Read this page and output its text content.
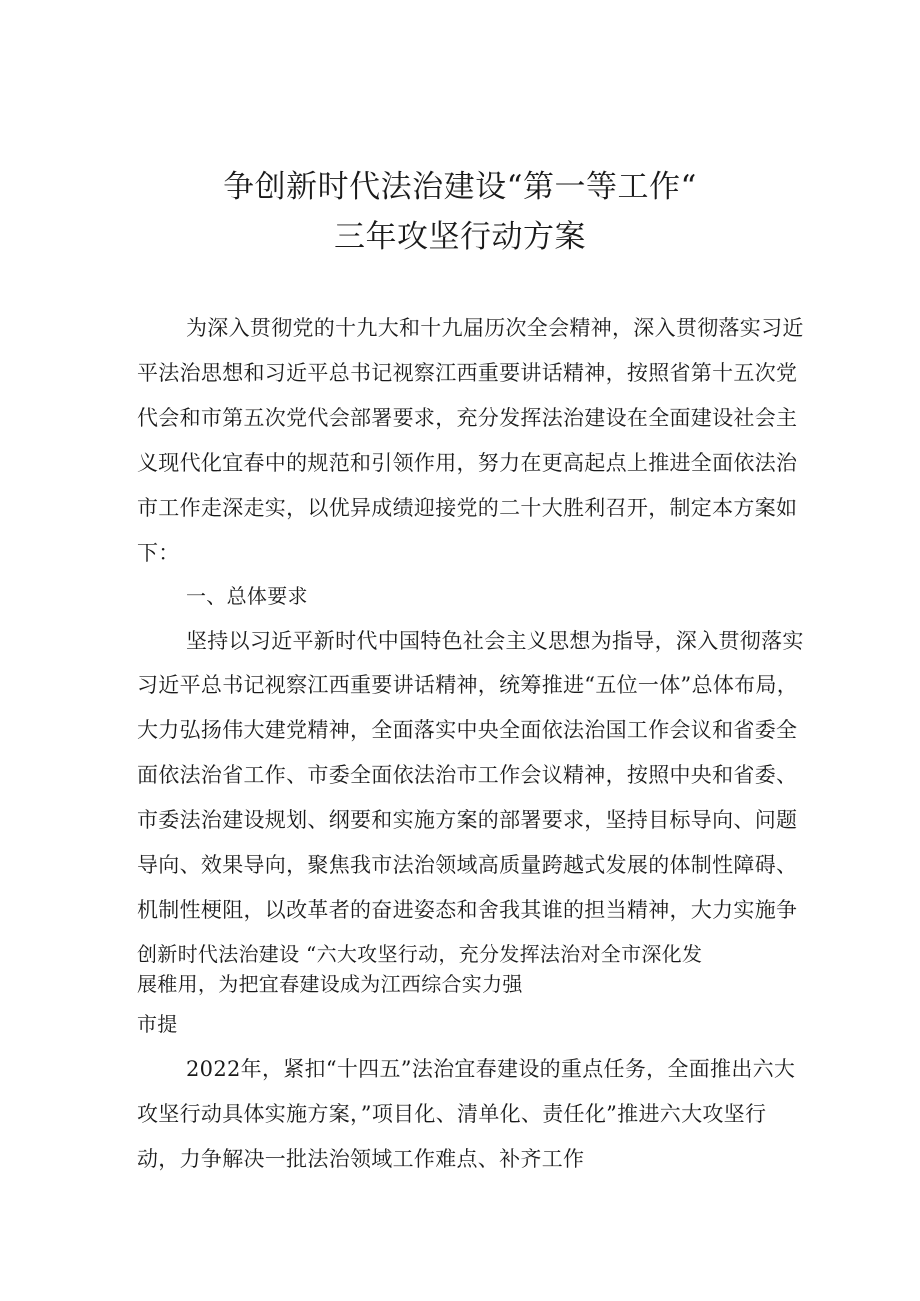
争创新时代法治建设“第一等工作“
三年攻坚行动方案
为深入贯彻党的十九大和十九届历次全会精神，深入贯彻落实习近
平法治思想和习近平总书记视察江西重要讲话精神，按照省第十五次党
代会和市第五次党代会部署要求，充分发挥法治建设在全面建设社会主
义现代化宜春中的规范和引领作用，努力在更高起点上推进全面依法治
市工作走深走实，以优异成绩迎接党的二十大胜利召开，制定本方案如
下：
一、总体要求
坚持以习近平新时代中国特色社会主义思想为指导，深入贯彻落实
习近平总书记视察江西重要讲话精神，统筹推进“五位一体”总体布局，
大力弘扬伟大建党精神，全面落实中央全面依法治国工作会议和省委全
面依法治省工作、市委全面依法治市工作会议精神，按照中央和省委、
市委法治建设规划、纲要和实施方案的部署要求，坚持目标导向、问题
导向、效果导向，聚焦我市法治领域高质量跨越式发展的体制性障碍、
机制性梗阻，以改革者的奋进姿态和舍我其谁的担当精神，大力实施争
创新时代法治建设 “六大攻坚行动，充分发挥法治对全市深化发
展稚用，为把宜春建设成为江西综合实力强
市提
2022年，紧扣“十四五”法治宜春建设的重点任务，全面推出六大
攻坚行动具体实施方案，”项目化、清单化、责任化”推进六大攻坚行
动，力争解决一批法治领域工作难点、补齐工作
